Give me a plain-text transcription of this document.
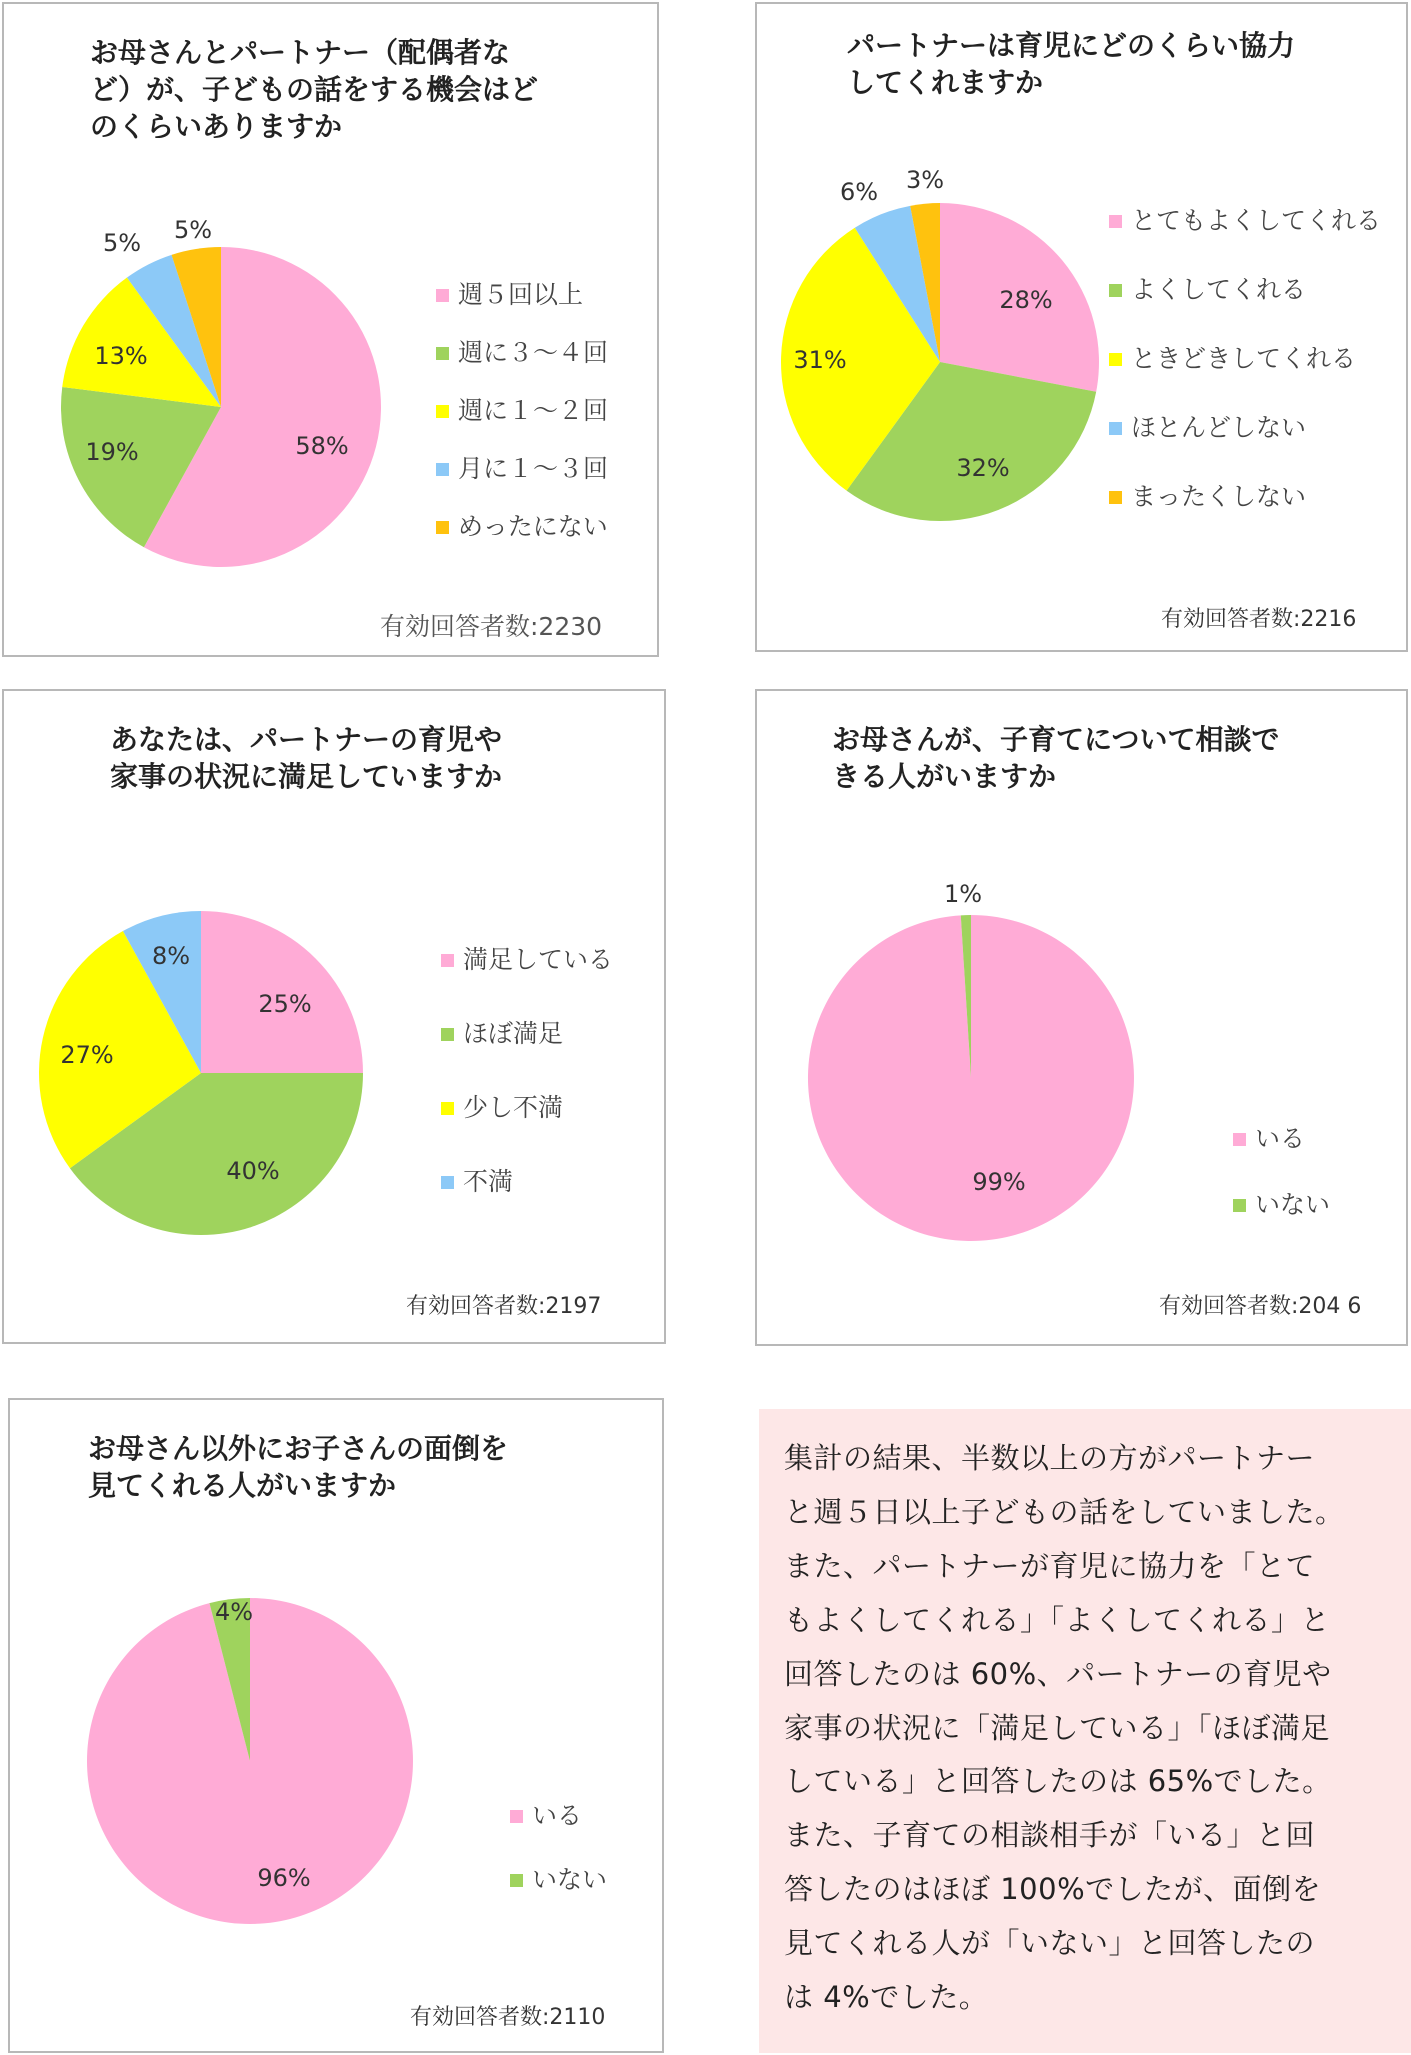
お母さんとパートナー（配偶者な
ど）が、子どもの話をする機会はど
のくらいありますか
58%
19%
13%
5% 5%
週５回以上
週に３〜４回
週に１〜２回
月に１〜３回
めったにない
有効回答者数:2230
パートナーは育児にどのくらい協力
してくれますか
28%
32%
31%
6% 3%
とてもよくしてくれる
よくしてくれる
ときどきしてくれる
ほとんどしない
まったくしない
有効回答者数:2216
あなたは、パートナーの育児や
家事の状況に満足していますか
25%
40%
27%
8%	満足している
ほぼ満足
少し不満
不満
有効回答者数:2197
お母さんが、子育てについて相談で
きる人がいますか
99%
1%
いる
いない
有効回答者数:204 6
お母さん以外にお子さんの面倒を
見てくれる人がいますか
96%
4%
いる
いない
有効回答者数:2110

集計の結果、半数以上の方がパートナー

と週５日以上子どもの話をしていました。

また、パートナーが育児に協力を「とて

もよくしてくれる」「よくしてくれる」と

回答したのは 60%、パートナーの育児や

家事の状況に「満足している」「ほぼ満足

している」と回答したのは 65%でした。

また、子育ての相談相手が「いる」と回

答したのはほぼ 100%でしたが、面倒を

見てくれる人が「いない」と回答したの

は 4%でした。
